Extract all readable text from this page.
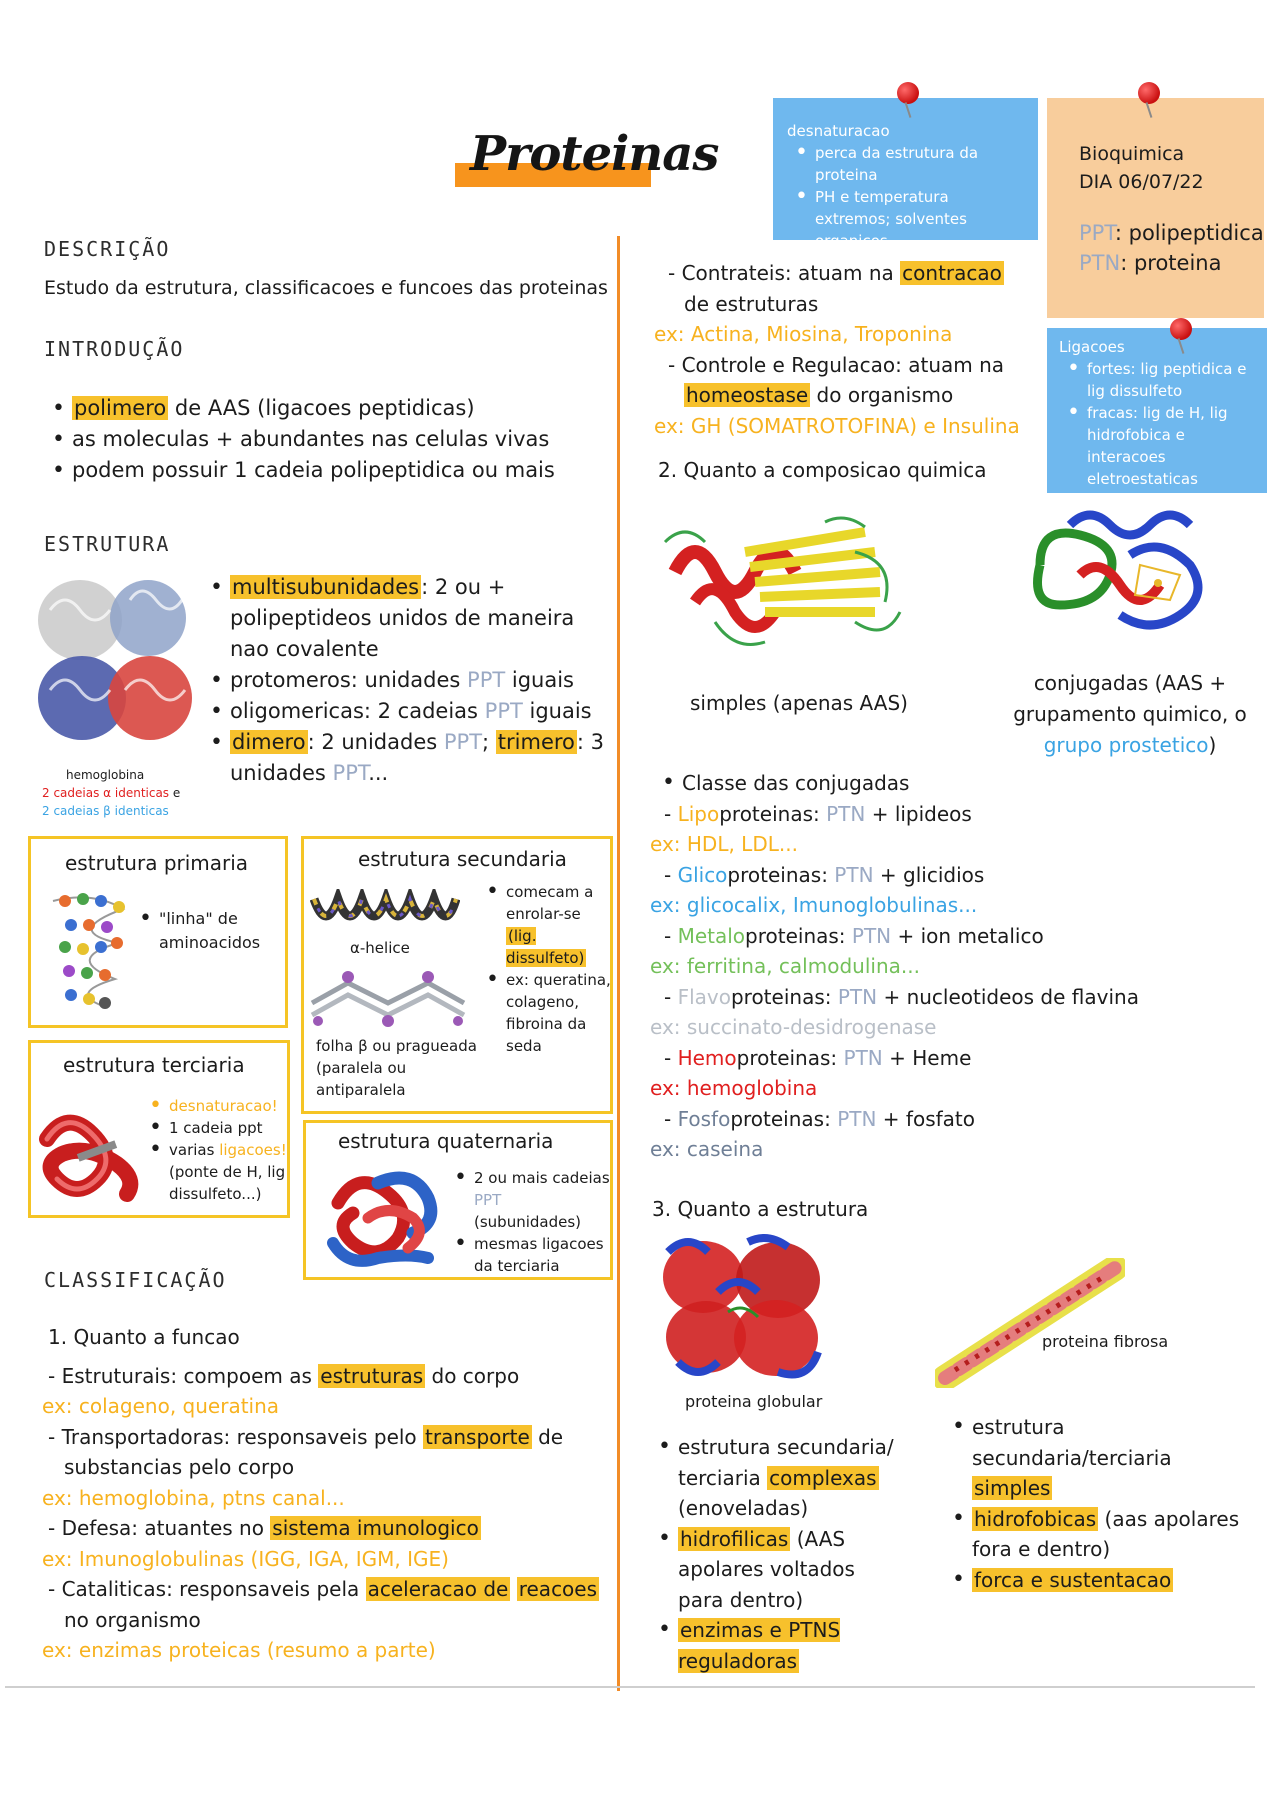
Proteinas	desnaturacao
• perca da estrutura da proteina
• PH e temperatura extremos; solventes organicos...
Bioquimica
DIA 06/07/22
PPT: polipeptidica
PTN: proteina
Ligacoes
• fortes: lig peptidica e lig dissulfeto
• fracas: lig de H, lig hidrofobica e interacoes eletroestaticas
DESCRIÇÃO
Estudo da estrutura, classificacoes e funcoes das proteinas
INTRODUÇÃO
• polimero de AAS (ligacoes peptidicas)
• as moleculas + abundantes nas celulas vivas
• podem possuir 1 cadeia polipeptidica ou mais
ESTRUTURA
hemoglobina
2 cadeias α identicas e
2 cadeias β identicas
• multisubunidades: 2 ou + polipeptideos unidos de maneira nao covalente
• protomeros: unidades PPT iguais
• oligomericas: 2 cadeias PPT iguais
• dimero: 2 unidades PPT; trimero: 3 unidades PPT...
estrutura primaria
• "linha" de aminoacidos
estrutura secundaria
α-helice
folha β ou pragueada (paralela ou antiparalela
• comecam a enrolar-se (lig. dissulfeto)
• ex: queratina, colageno, fibroina da seda
estrutura terciaria
• desnaturacao!
• 1 cadeia ppt
• varias ligacoes! (ponte de H, lig dissulfeto...)
estrutura quaternaria
• 2 ou mais cadeias PPT (subunidades)
• mesmas ligacoes da terciaria
CLASSIFICAÇÃO
1. Quanto a funcao
- Estruturais: compoem as estruturas do corpo
ex: colageno, queratina
- Transportadoras: responsaveis pelo transporte de substancias pelo corpo
ex: hemoglobina, ptns canal...
- Defesa: atuantes no sistema imunologico
ex: Imunoglobulinas (IGG, IGA, IGM, IGE)
- Cataliticas: responsaveis pela aceleracao de reacoes no organismo
ex: enzimas proteicas (resumo a parte)
- Contrateis: atuam na contracao de estruturas
ex: Actina, Miosina, Troponina
- Controle e Regulacao: atuam na homeostase do organismo
ex: GH (SOMATROTOFINA) e Insulina
2. Quanto a composicao quimica
simples (apenas AAS)
conjugadas (AAS + grupamento quimico, o grupo prostetico)
• Classe das conjugadas
- Lipoproteinas: PTN + lipideos
ex: HDL, LDL...
- Glicoproteinas: PTN + glicidios
ex: glicocalix, Imunoglobulinas...
- Metaloproteinas: PTN + ion metalico
ex: ferritina, calmodulina...
- Flavoproteinas: PTN + nucleotideos de flavina
ex: succinato-desidrogenase
- Hemoproteinas: PTN + Heme
ex: hemoglobina
- Fosfoproteinas: PTN + fosfato
ex: caseina
3. Quanto a estrutura
proteina globular
proteina fibrosa
• estrutura secundaria/ terciaria complexas (enoveladas)
• hidrofilicas (AAS apolares voltados para dentro)
• enzimas e PTNS reguladoras
• estrutura secundaria/terciaria simples
• hidrofobicas (aas apolares fora e dentro)
• forca e sustentacao
